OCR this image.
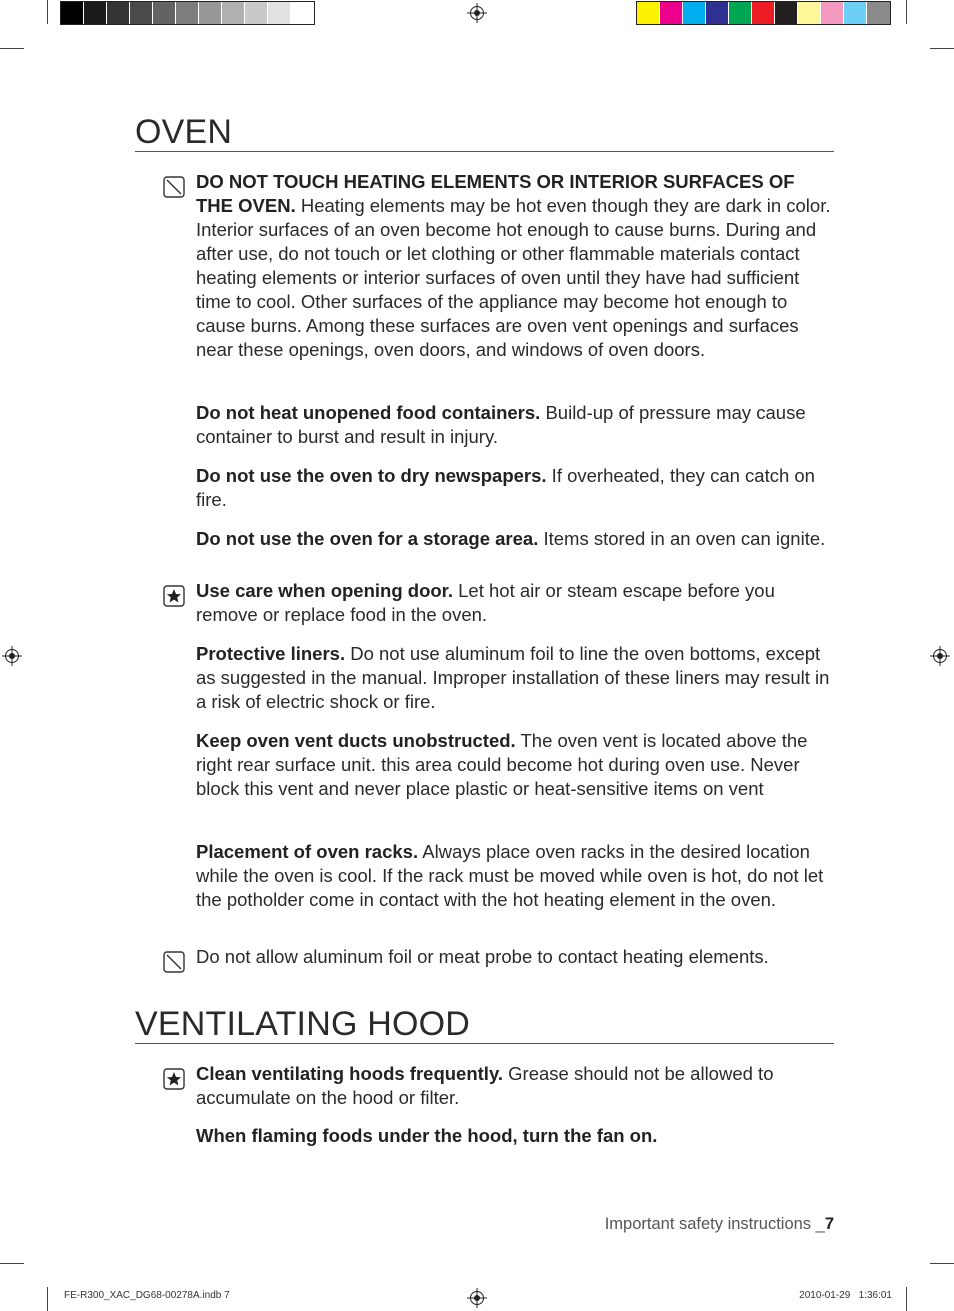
OVEN

DO NOT TOUCH HEATING ELEMENTS OR INTERIOR SURFACES OF THE OVEN. Heating elements may be hot even though they are dark in color. Interior surfaces of an oven become hot enough to cause burns. During and after use, do not touch or let clothing or other flammable materials contact heating elements or interior surfaces of oven until they have had sufficient time to cool. Other surfaces of the appliance may become hot enough to cause burns. Among these surfaces are oven vent openings and surfaces near these openings, oven doors, and windows of oven doors.

Do not heat unopened food containers. Build-up of pressure may cause container to burst and result in injury.

Do not use the oven to dry newspapers. If overheated, they can catch on fire.

Do not use the oven for a storage area. Items stored in an oven can ignite.

Use care when opening door. Let hot air or steam escape before you remove or replace food in the oven.

Protective liners. Do not use aluminum foil to line the oven bottoms, except as suggested in the manual. Improper installation of these liners may result in a risk of electric shock or fire.

Keep oven vent ducts unobstructed. The oven vent is located above the right rear surface unit. this area could become hot during oven use. Never block this vent and never place plastic or heat-sensitive items on vent

Placement of oven racks. Always place oven racks in the desired location while the oven is cool. If the rack must be moved while oven is hot, do not let the potholder come in contact with the hot heating element in the oven.

Do not allow aluminum foil or meat probe to contact heating elements.

VENTILATING HOOD

Clean ventilating hoods frequently. Grease should not be allowed to accumulate on the hood or filter.

When flaming foods under the hood, turn the fan on.

Important safety instructions _7
FE-R300_XAC_DG68-00278A.indb 7	2010-01-29   1:36:01
